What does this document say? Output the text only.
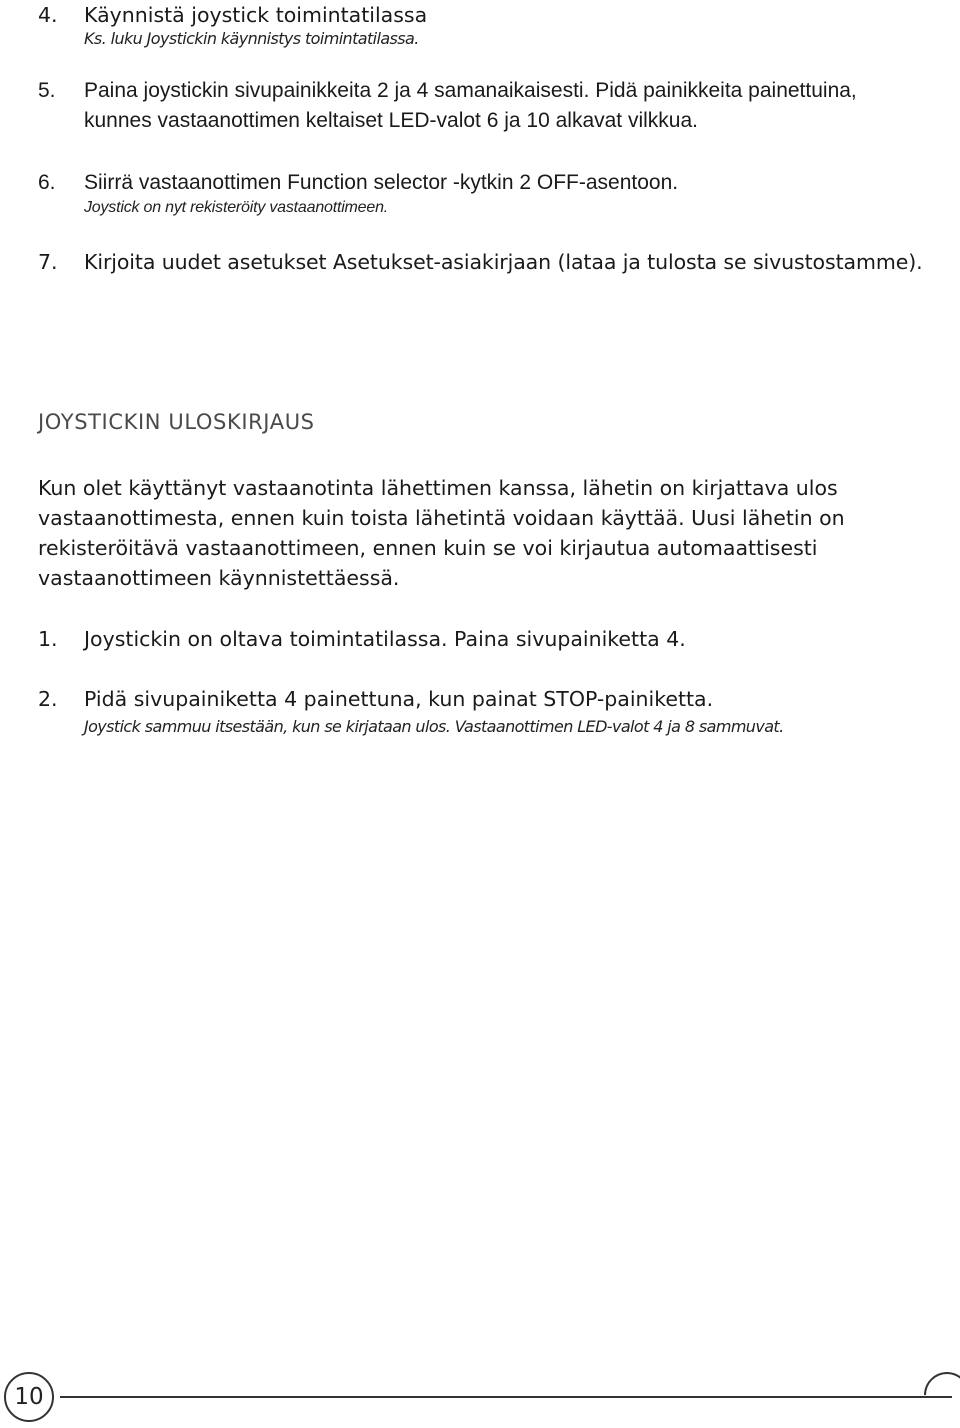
4. Käynnistä joystick toimintatilassa
Ks. luku Joystickin käynnistys toimintatilassa.
5. Paina joystickin sivupainikkeita 2 ja 4 samanaikaisesti. Pidä painikkeita painettuina,
kunnes vastaanottimen keltaiset LED-valot 6 ja 10 alkavat vilkkua.
6. Siirrä vastaanottimen Function selector -kytkin 2 OFF-asentoon.
Joystick on nyt rekisteröity vastaanottimeen.
7. Kirjoita uudet asetukset Asetukset-asiakirjaan (lataa ja tulosta se sivustostamme).
JOYSTICKIN ULOSKIRJAUS

Kun olet käyttänyt vastaanotinta lähettimen kanssa, lähetin on kirjattava ulos

vastaanottimesta, ennen kuin toista lähetintä voidaan käyttää. Uusi lähetin on

rekisteröitävä vastaanottimeen, ennen kuin se voi kirjautua automaattisesti

vastaanottimeen käynnistettäessä.

1. Joystickin on oltava toimintatilassa. Paina sivupainiketta 4.
2. Pidä sivupainiketta 4 painettuna, kun painat STOP-painiketta.
Joystick sammuu itsestään, kun se kirjataan ulos. Vastaanottimen LED-valot 4 ja 8 sammuvat.
10
